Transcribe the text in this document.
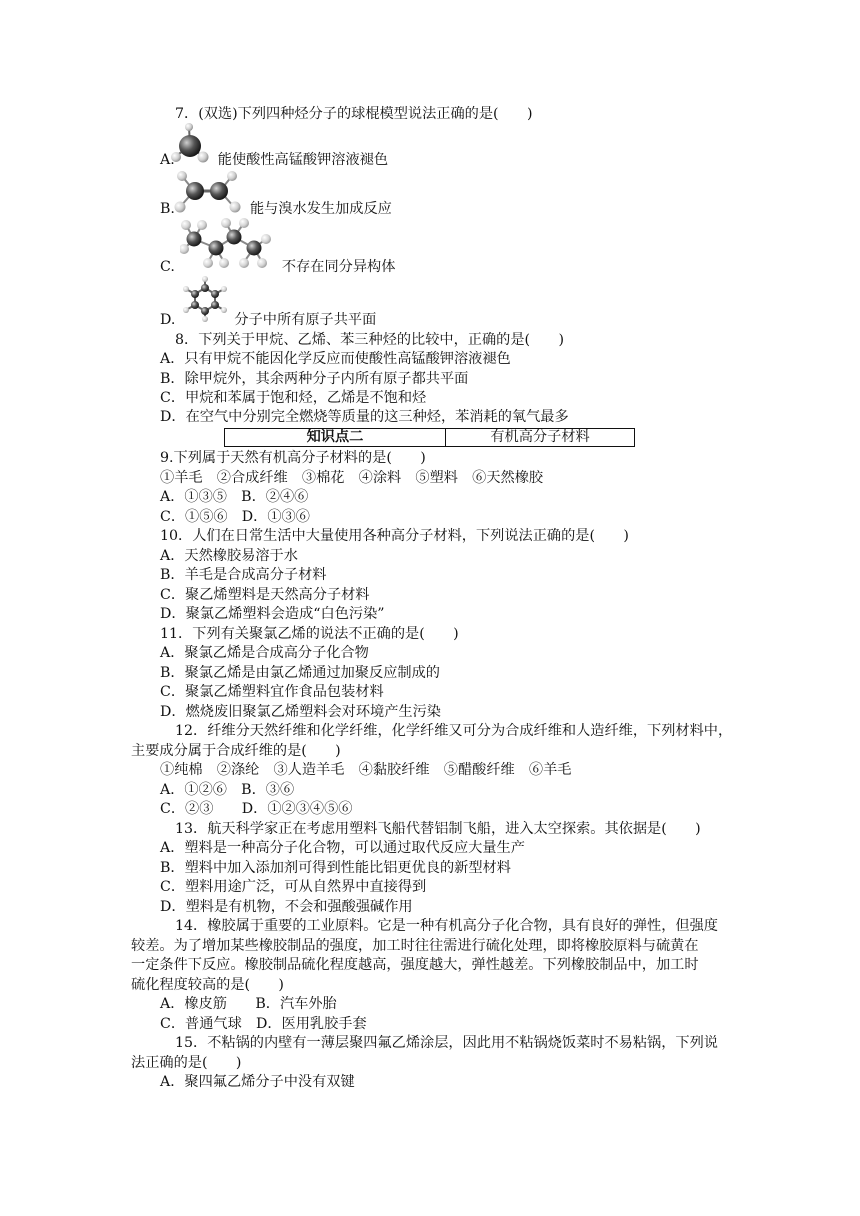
7．(双选)下列四种烃分子的球棍模型说法正确的是(　　)
A.	能使酸性高锰酸钾溶液褪色
B.	能与溴水发生加成反应
C.	不存在同分异构体
D.	分子中所有原子共平面
8．下列关于甲烷、乙烯、苯三种烃的比较中，正确的是(　　)
A．只有甲烷不能因化学反应而使酸性高锰酸钾溶液褪色
B．除甲烷外，其余两种分子内所有原子都共平面
C．甲烷和苯属于饱和烃，乙烯是不饱和烃
D．在空气中分别完全燃烧等质量的这三种烃，苯消耗的氧气最多
知识点二	有机高分子材料
9.下列属于天然有机高分子材料的是(　　)
①羊毛　②合成纤维　③棉花　④涂料　⑤塑料　⑥天然橡胶
A．①③⑤　B．②④⑥
C．①⑤⑥　D．①③⑥
10．人们在日常生活中大量使用各种高分子材料，下列说法正确的是(　　)
A．天然橡胶易溶于水
B．羊毛是合成高分子材料
C．聚乙烯塑料是天然高分子材料
D．聚氯乙烯塑料会造成“白色污染”
11．下列有关聚氯乙烯的说法不正确的是(　　)
A．聚氯乙烯是合成高分子化合物
B．聚氯乙烯是由氯乙烯通过加聚反应制成的
C．聚氯乙烯塑料宜作食品包装材料
D．燃烧废旧聚氯乙烯塑料会对环境产生污染
12．纤维分天然纤维和化学纤维，化学纤维又可分为合成纤维和人造纤维，下列材料中，
主要成分属于合成纤维的是(　　)
①纯棉　②涤纶　③人造羊毛　④黏胶纤维　⑤醋酸纤维　⑥羊毛
A．①②⑥　B．③⑥
C．②③　　D．①②③④⑤⑥
13．航天科学家正在考虑用塑料飞船代替铝制飞船，进入太空探索。其依据是(　　)
A．塑料是一种高分子化合物，可以通过取代反应大量生产
B．塑料中加入添加剂可得到性能比铝更优良的新型材料
C．塑料用途广泛，可从自然界中直接得到
D．塑料是有机物，不会和强酸强碱作用
14．橡胶属于重要的工业原料。它是一种有机高分子化合物，具有良好的弹性，但强度
较差。为了增加某些橡胶制品的强度，加工时往往需进行硫化处理，即将橡胶原料与硫黄在
一定条件下反应。橡胶制品硫化程度越高，强度越大，弹性越差。下列橡胶制品中，加工时
硫化程度较高的是(　　)
A．橡皮筋　　B．汽车外胎
C．普通气球　D．医用乳胶手套
15．不粘锅的内壁有一薄层聚四氟乙烯涂层，因此用不粘锅烧饭菜时不易粘锅，下列说
法正确的是(　　)
A．聚四氟乙烯分子中没有双键
